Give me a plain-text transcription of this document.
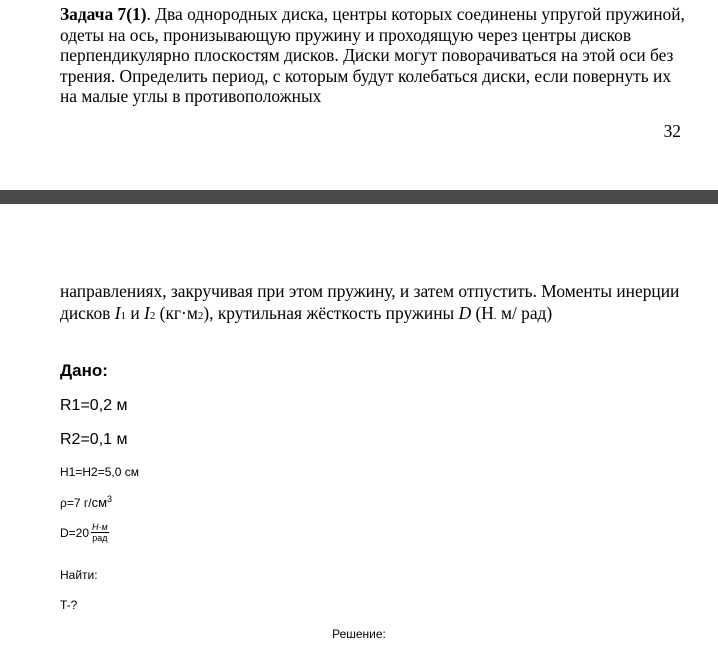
Задача 7(1). Два однородных диска, центры которых соединены упругой пружиной, одеты на ось, пронизывающую пружину и проходящую через центры дисков перпендикулярно плоскостям дисков. Диски могут поворачиваться на этой оси без трения. Определить период, с которым будут колебаться диски, если повернуть их на малые углы в противоположных

32

направлениях, закручивая при этом пружину, и затем отпустить. Моменты инерции дисков I1 и I2 (кг·м2), крутильная жёсткость пружины D (Н. м/ рад)

Дано:

R1=0,2 м

R2=0,1 м

H1=H2=5,0 см

ρ=7 $г/см^3$

$D=20 \frac{Н\cdot м}{\text{рад}}$

Найти:

T-?

Решение:
